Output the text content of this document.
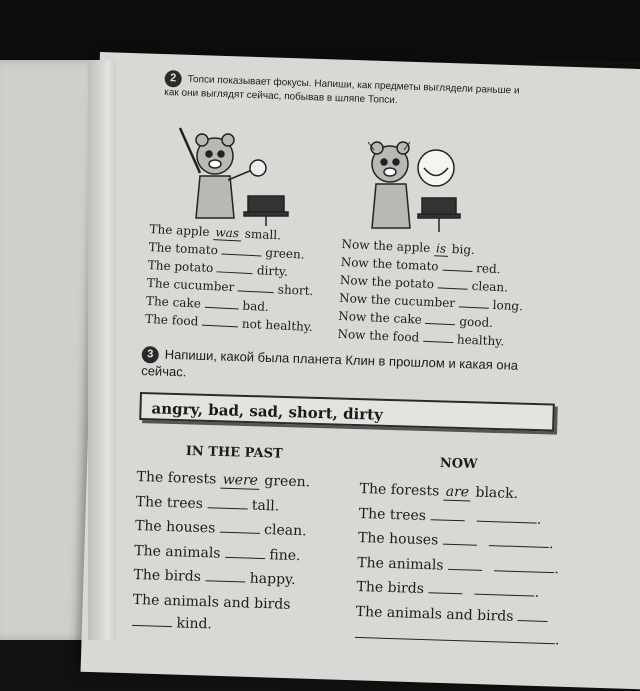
2 Топси показывает фокусы. Напиши, как предметы выглядели раньше и как они выглядят сейчас, побывав в шляпе Топси.
The apple was small.
The tomato	green.
The potato	dirty.
The cucumber	short.
The cake	bad.
The food	not healthy.
Now the apple is big.
Now the tomato	red.
Now the potato	clean.
Now the cucumber	long.
Now the cake	good.
Now the food	healthy.
3 Напиши, какой была планета Клин в прошлом и какая она сейчас.
angry, bad, sad, short, dirty
IN THE PAST
NOW
The forests were green.
The trees	tall.
The houses	clean.
The animals	fine.
The birds	happy.
The animals and birds
kind.
The forests are black.
The trees	.
The houses	.
The animals	.
The birds	.
The animals and birds
.
